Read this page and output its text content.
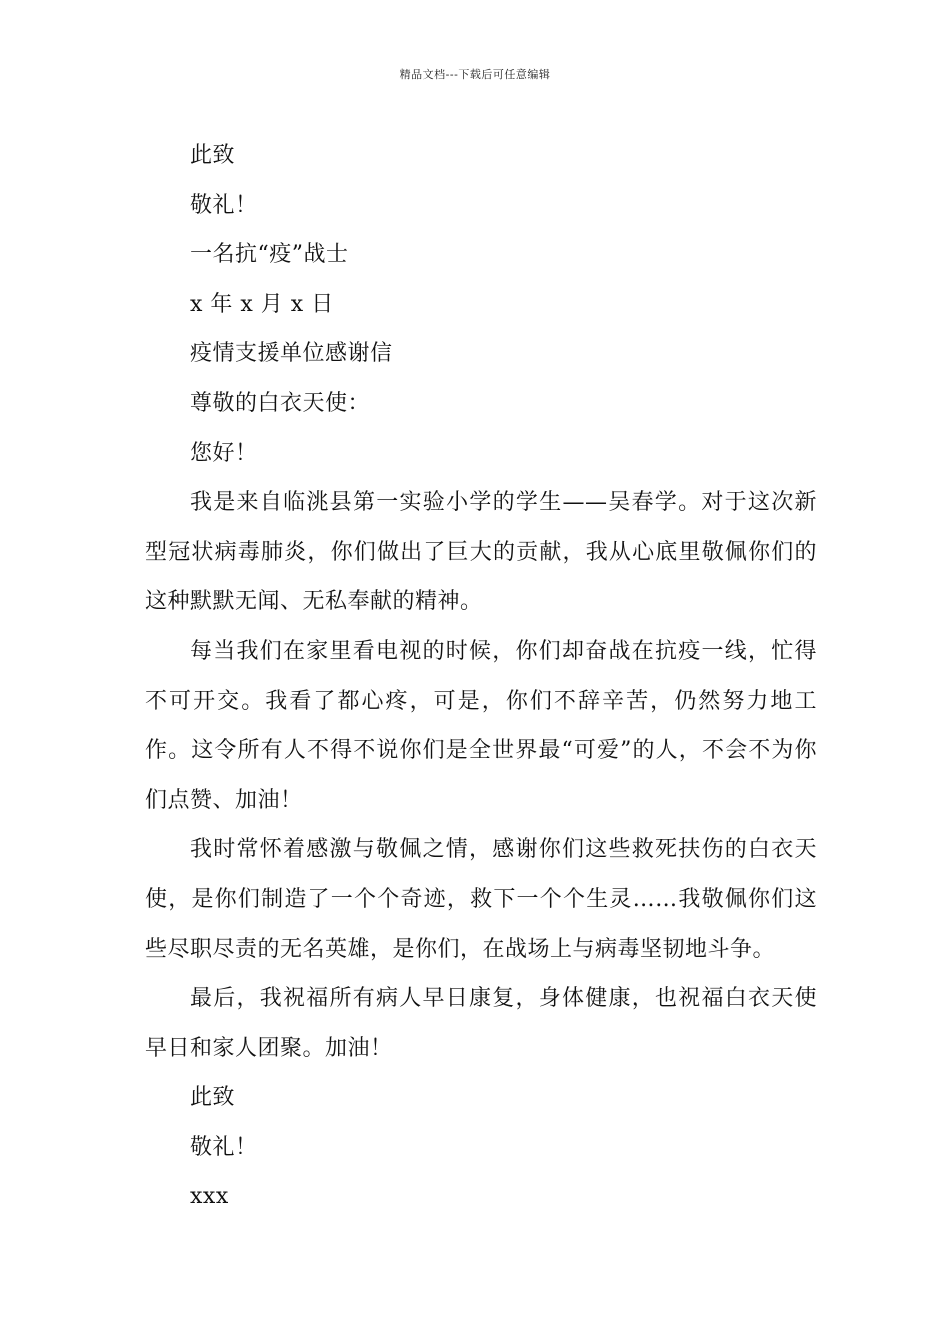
精品文档---下载后可任意编辑

此致

敬礼！

一名抗“疫”战士

x 年 x 月 x 日

疫情支援单位感谢信

尊敬的白衣天使：

您好！

我是来自临洮县第一实验小学的学生——吴春学。对于这次新型冠状病毒肺炎，你们做出了巨大的贡献，我从心底里敬佩你们的这种默默无闻、无私奉献的精神。

每当我们在家里看电视的时候，你们却奋战在抗疫一线，忙得不可开交。我看了都心疼，可是，你们不辞辛苦，仍然努力地工作。这令所有人不得不说你们是全世界最“可爱”的人，不会不为你们点赞、加油！

我时常怀着感激与敬佩之情，感谢你们这些救死扶伤的白衣天使，是你们制造了一个个奇迹，救下一个个生灵……我敬佩你们这些尽职尽责的无名英雄，是你们，在战场上与病毒坚韧地斗争。

最后，我祝福所有病人早日康复，身体健康，也祝福白衣天使早日和家人团聚。加油！

此致

敬礼！

xxx
